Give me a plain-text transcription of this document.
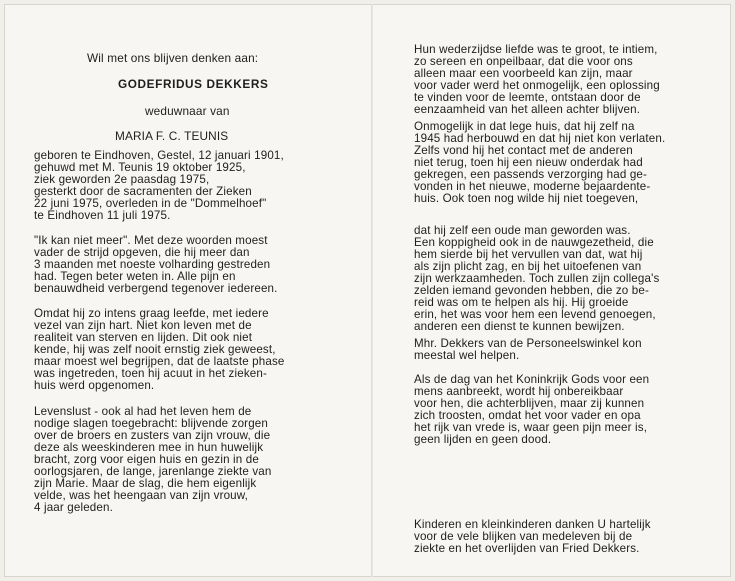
Wil met ons blijven denken aan:
GODEFRIDUS DEKKERS
weduwnaar van
MARIA F. C. TEUNIS
geboren te Eindhoven, Gestel, 12 januari 1901,
gehuwd met M. Teunis 19 oktober 1925,
ziek geworden 2e paasdag 1975,
gesterkt door de sacramenten der Zieken
22 juni 1975, overleden in de "Dommelhoef"
te Eindhoven 11 juli 1975.
"Ik kan niet meer". Met deze woorden moest
vader de strijd opgeven, die hij meer dan
3 maanden met noeste volharding gestreden
had. Tegen beter weten in. Alle pijn en
benauwdheid verbergend tegenover iedereen.
Omdat hij zo intens graag leefde, met iedere
vezel van zijn hart. Niet kon leven met de
realiteit van sterven en lijden. Dit ook niet
kende, hij was zelf nooit ernstig ziek geweest,
maar moest wel begrijpen, dat de laatste phase
was ingetreden, toen hij acuut in het zieken-
huis werd opgenomen.
Levenslust - ook al had het leven hem de
nodige slagen toegebracht: blijvende zorgen
over de broers en zusters van zijn vrouw, die
deze als weeskinderen mee in hun huwelijk
bracht, zorg voor eigen huis en gezin in de
oorlogsjaren, de lange, jarenlange ziekte van
zijn Marie. Maar de slag, die hem eigenlijk
velde, was het heengaan van zijn vrouw,
4 jaar geleden.
Hun wederzijdse liefde was te groot, te intiem,
zo sereen en onpeilbaar, dat die voor ons
alleen maar een voorbeeld kan zijn, maar
voor vader werd het onmogelijk, een oplossing
te vinden voor de leemte, ontstaan door de
eenzaamheid van het alleen achter blijven.
Onmogelijk in dat lege huis, dat hij zelf na
1945 had herbouwd en dat hij niet kon verlaten.
Zelfs vond hij het contact met de anderen
niet terug, toen hij een nieuw onderdak had
gekregen, een passends verzorging had ge-
vonden in het nieuwe, moderne bejaardente-
huis. Ook toen nog wilde hij niet toegeven,
dat hij zelf een oude man geworden was.
Een koppigheid ook in de nauwgezetheid, die
hem sierde bij het vervullen van dat, wat hij
als zijn plicht zag, en bij het uitoefenen van
zijn werkzaamheden. Toch zullen zijn collega's
zelden iemand gevonden hebben, die zo be-
reid was om te helpen als hij. Hij groeide
erin, het was voor hem een levend genoegen,
anderen een dienst te kunnen bewijzen.
Mhr. Dekkers van de Personeelswinkel kon
meestal wel helpen.
Als de dag van het Koninkrijk Gods voor een
mens aanbreekt, wordt hij onbereikbaar
voor hen, die achterblijven, maar zij kunnen
zich troosten, omdat het voor vader en opa
het rijk van vrede is, waar geen pijn meer is,
geen lijden en geen dood.
Kinderen en kleinkinderen danken U hartelijk
voor de vele blijken van medeleven bij de
ziekte en het overlijden van Fried Dekkers.
